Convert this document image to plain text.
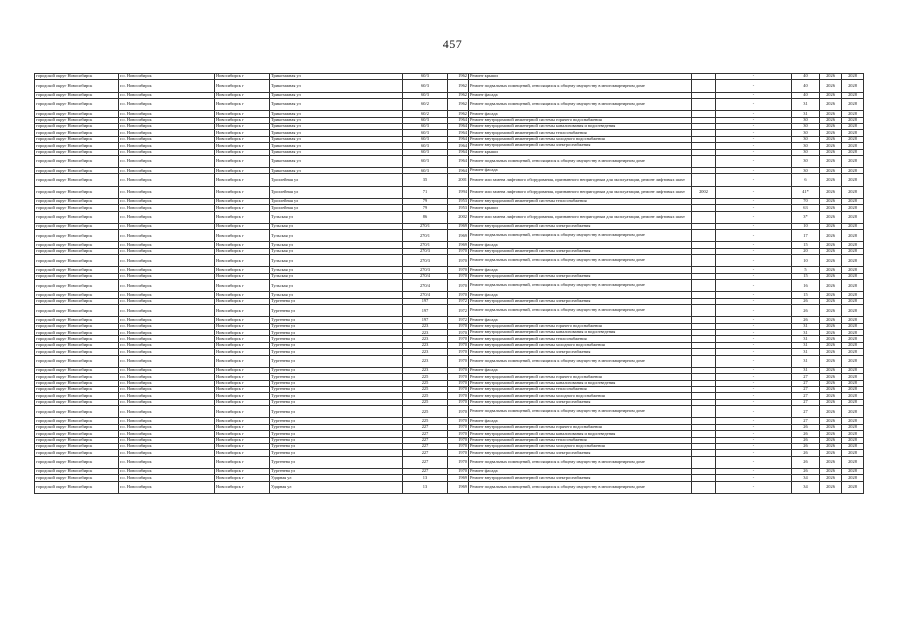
457
городской округ Новосибирск	г.о. Новосибирск	Новосибирск г	Трикотажная ул	60/3	1962	Ремонт крыши		-	40	2026	2028
городской округ Новосибирск	г.о. Новосибирск	Новосибирск г	Трикотажная ул	60/3	1962	Ремонт подвальных помещений, относящихся к общему имуществу в многоквартирном доме		-	40	2026	2028
городской округ Новосибирск	г.о. Новосибирск	Новосибирск г	Трикотажная ул	60/3	1962	Ремонт фасада		-	40	2026	2028
городской округ Новосибирск	г.о. Новосибирск	Новосибирск г	Трикотажная ул	60/2	1962	Ремонт подвальных помещений, относящихся к общему имуществу в многоквартирном доме		-	31	2026	2028
городской округ Новосибирск	г.о. Новосибирск	Новосибирск г	Трикотажная ул	60/2	1962	Ремонт фасада		-	31	2026	2028
городской округ Новосибирск	г.о. Новосибирск	Новосибирск г	Трикотажная ул	60/3	1964	Ремонт внутридомовой инженерной системы горячего водоснабжения		-	30	2026	2028
городской округ Новосибирск	г.о. Новосибирск	Новосибирск г	Трикотажная ул	60/3	1964	Ремонт внутридомовой инженерной системы канализования и водоотведения		-	30	2026	2028
городской округ Новосибирск	г.о. Новосибирск	Новосибирск г	Трикотажная ул	60/3	1964	Ремонт внутридомовой инженерной системы теплоснабжения		-	30	2026	2028
городской округ Новосибирск	г.о. Новосибирск	Новосибирск г	Трикотажная ул	60/3	1964	Ремонт внутридомовой инженерной системы холодного водоснабжения		-	30	2026	2028
городской округ Новосибирск	г.о. Новосибирск	Новосибирск г	Трикотажная ул	60/3	1964	Ремонт внутридомовой инженерной системы электроснабжения		-	30	2026	2028
городской округ Новосибирск	г.о. Новосибирск	Новосибирск г	Трикотажная ул	60/3	1964	Ремонт крыши		-	30	2026	2028
городской округ Новосибирск	г.о. Новосибирск	Новосибирск г	Трикотажная ул	60/3	1964	Ремонт подвальных помещений, относящихся к общему имуществу в многоквартирном доме		-	30	2026	2028
городской округ Новосибирск	г.о. Новосибирск	Новосибирск г	Трикотажная ул	60/3	1964	Ремонт фасада		-	30	2026	2028
городской округ Новосибирск	г.о. Новосибирск	Новосибирск г	Троллейная ул	35	2001	Ремонт или замена лифтового оборудования, признанного непригодным для эксплуатации, ремонт лифтовых шахт		-	6	2026	2028
городской округ Новосибирск	г.о. Новосибирск	Новосибирск г	Троллейная ул	71	1994	Ремонт или замена лифтового оборудования, признанного непригодным для эксплуатации, ремонт лифтовых шахт	2002	-	41*	2026	2028
городской округ Новосибирск	г.о. Новосибирск	Новосибирск г	Троллейная ул	79	1953	Ремонт внутридомовой инженерной системы теплоснабжения		-	70	2026	2028
городской округ Новосибирск	г.о. Новосибирск	Новосибирск г	Троллейная ул	79	1953	Ремонт крыши		-	63	2026	2028
городской округ Новосибирск	г.о. Новосибирск	Новосибирск г	Тульская ул	86	2002	Ремонт или замена лифтового оборудования, признанного непригодным для эксплуатации, ремонт лифтовых шахт		-	3*	2026	2028
городской округ Новосибирск	г.о. Новосибирск	Новосибирск г	Тульская ул	270/1	1969	Ремонт внутридомовой инженерной системы электроснабжения		-	10	2026	2028
городской округ Новосибирск	г.о. Новосибирск	Новосибирск г	Тульская ул	270/1	1969	Ремонт подвальных помещений, относящихся к общему имуществу в многоквартирном доме		-	17	2026	2028
городской округ Новосибирск	г.о. Новосибирск	Новосибирск г	Тульская ул	270/1	1969	Ремонт фасада		-	15	2026	2028
городской округ Новосибирск	г.о. Новосибирск	Новосибирск г	Тульская ул	270/3	1970	Ремонт внутридомовой инженерной системы электроснабжения		-	20	2026	2028
городской округ Новосибирск	г.о. Новосибирск	Новосибирск г	Тульская ул	270/3	1970	Ремонт подвальных помещений, относящихся к общему имуществу в многоквартирном доме		-	10	2026	2028
городской округ Новосибирск	г.о. Новосибирск	Новосибирск г	Тульская ул	270/3	1970	Ремонт фасада		-	5	2026	2028
городской округ Новосибирск	г.о. Новосибирск	Новосибирск г	Тульская ул	270/4	1970	Ремонт внутридомовой инженерной системы электроснабжения		-	15	2026	2028
городской округ Новосибирск	г.о. Новосибирск	Новосибирск г	Тульская ул	270/4	1970	Ремонт подвальных помещений, относящихся к общему имуществу в многоквартирном доме		-	16	2026	2028
городской округ Новосибирск	г.о. Новосибирск	Новосибирск г	Тульская ул	270/4	1970	Ремонт фасада		-	15	2026	2028
городской округ Новосибирск	г.о. Новосибирск	Новосибирск г	Тургенева ул	197	1972	Ремонт внутридомовой инженерной системы электроснабжения		-	26	2026	2028
городской округ Новосибирск	г.о. Новосибирск	Новосибирск г	Тургенева ул	197	1972	Ремонт подвальных помещений, относящихся к общему имуществу в многоквартирном доме		-	26	2026	2028
городской округ Новосибирск	г.о. Новосибирск	Новосибирск г	Тургенева ул	197	1972	Ремонт фасада		-	26	2026	2028
городской округ Новосибирск	г.о. Новосибирск	Новосибирск г	Тургенева ул	223	1970	Ремонт внутридомовой инженерной системы горячего водоснабжения		-	31	2026	2028
городской округ Новосибирск	г.о. Новосибирск	Новосибирск г	Тургенева ул	223	1970	Ремонт внутридомовой инженерной системы канализования и водоотведения		-	31	2026	2028
городской округ Новосибирск	г.о. Новосибирск	Новосибирск г	Тургенева ул	223	1970	Ремонт внутридомовой инженерной системы теплоснабжения		-	31	2026	2028
городской округ Новосибирск	г.о. Новосибирск	Новосибирск г	Тургенева ул	223	1970	Ремонт внутридомовой инженерной системы холодного водоснабжения		-	31	2026	2028
городской округ Новосибирск	г.о. Новосибирск	Новосибирск г	Тургенева ул	223	1970	Ремонт внутридомовой инженерной системы электроснабжения		-	31	2026	2028
городской округ Новосибирск	г.о. Новосибирск	Новосибирск г	Тургенева ул	223	1970	Ремонт подвальных помещений, относящихся к общему имуществу в многоквартирном доме		-	31	2026	2028
городской округ Новосибирск	г.о. Новосибирск	Новосибирск г	Тургенева ул	223	1970	Ремонт фасада		-	31	2026	2028
городской округ Новосибирск	г.о. Новосибирск	Новосибирск г	Тургенева ул	225	1970	Ремонт внутридомовой инженерной системы горячего водоснабжения		-	27	2026	2028
городской округ Новосибирск	г.о. Новосибирск	Новосибирск г	Тургенева ул	225	1970	Ремонт внутридомовой инженерной системы канализования и водоотведения		-	27	2026	2028
городской округ Новосибирск	г.о. Новосибирск	Новосибирск г	Тургенева ул	225	1970	Ремонт внутридомовой инженерной системы теплоснабжения		-	27	2026	2028
городской округ Новосибирск	г.о. Новосибирск	Новосибирск г	Тургенева ул	225	1970	Ремонт внутридомовой инженерной системы холодного водоснабжения		-	27	2026	2028
городской округ Новосибирск	г.о. Новосибирск	Новосибирск г	Тургенева ул	225	1970	Ремонт внутридомовой инженерной системы электроснабжения		-	27	2026	2028
городской округ Новосибирск	г.о. Новосибирск	Новосибирск г	Тургенева ул	225	1970	Ремонт подвальных помещений, относящихся к общему имуществу в многоквартирном доме		-	27	2026	2028
городской округ Новосибирск	г.о. Новосибирск	Новосибирск г	Тургенева ул	225	1970	Ремонт фасада		-	27	2026	2028
городской округ Новосибирск	г.о. Новосибирск	Новосибирск г	Тургенева ул	227	1970	Ремонт внутридомовой инженерной системы горячего водоснабжения		-	26	2026	2028
городской округ Новосибирск	г.о. Новосибирск	Новосибирск г	Тургенева ул	227	1970	Ремонт внутридомовой инженерной системы канализования и водоотведения		-	26	2026	2028
городской округ Новосибирск	г.о. Новосибирск	Новосибирск г	Тургенева ул	227	1970	Ремонт внутридомовой инженерной системы теплоснабжения		-	26	2026	2028
городской округ Новосибирск	г.о. Новосибирск	Новосибирск г	Тургенева ул	227	1970	Ремонт внутридомовой инженерной системы холодного водоснабжения		-	26	2026	2028
городской округ Новосибирск	г.о. Новосибирск	Новосибирск г	Тургенева ул	227	1970	Ремонт внутридомовой инженерной системы электроснабжения		-	26	2026	2028
городской округ Новосибирск	г.о. Новосибирск	Новосибирск г	Тургенева ул	227	1970	Ремонт подвальных помещений, относящихся к общему имуществу в многоквартирном доме		-	26	2026	2028
городской округ Новосибирск	г.о. Новосибирск	Новосибирск г	Тургенева ул	227	1970	Ремонт фасада		-	26	2026	2028
городской округ Новосибирск	г.о. Новосибирск	Новосибирск г	Ударная ул	13	1969	Ремонт внутридомовой инженерной системы электроснабжения		-	34	2026	2028
городской округ Новосибирск	г.о. Новосибирск	Новосибирск г	Ударная ул	13	1969	Ремонт подвальных помещений, относящихся к общему имуществу в многоквартирном доме		-	34	2026	2028
